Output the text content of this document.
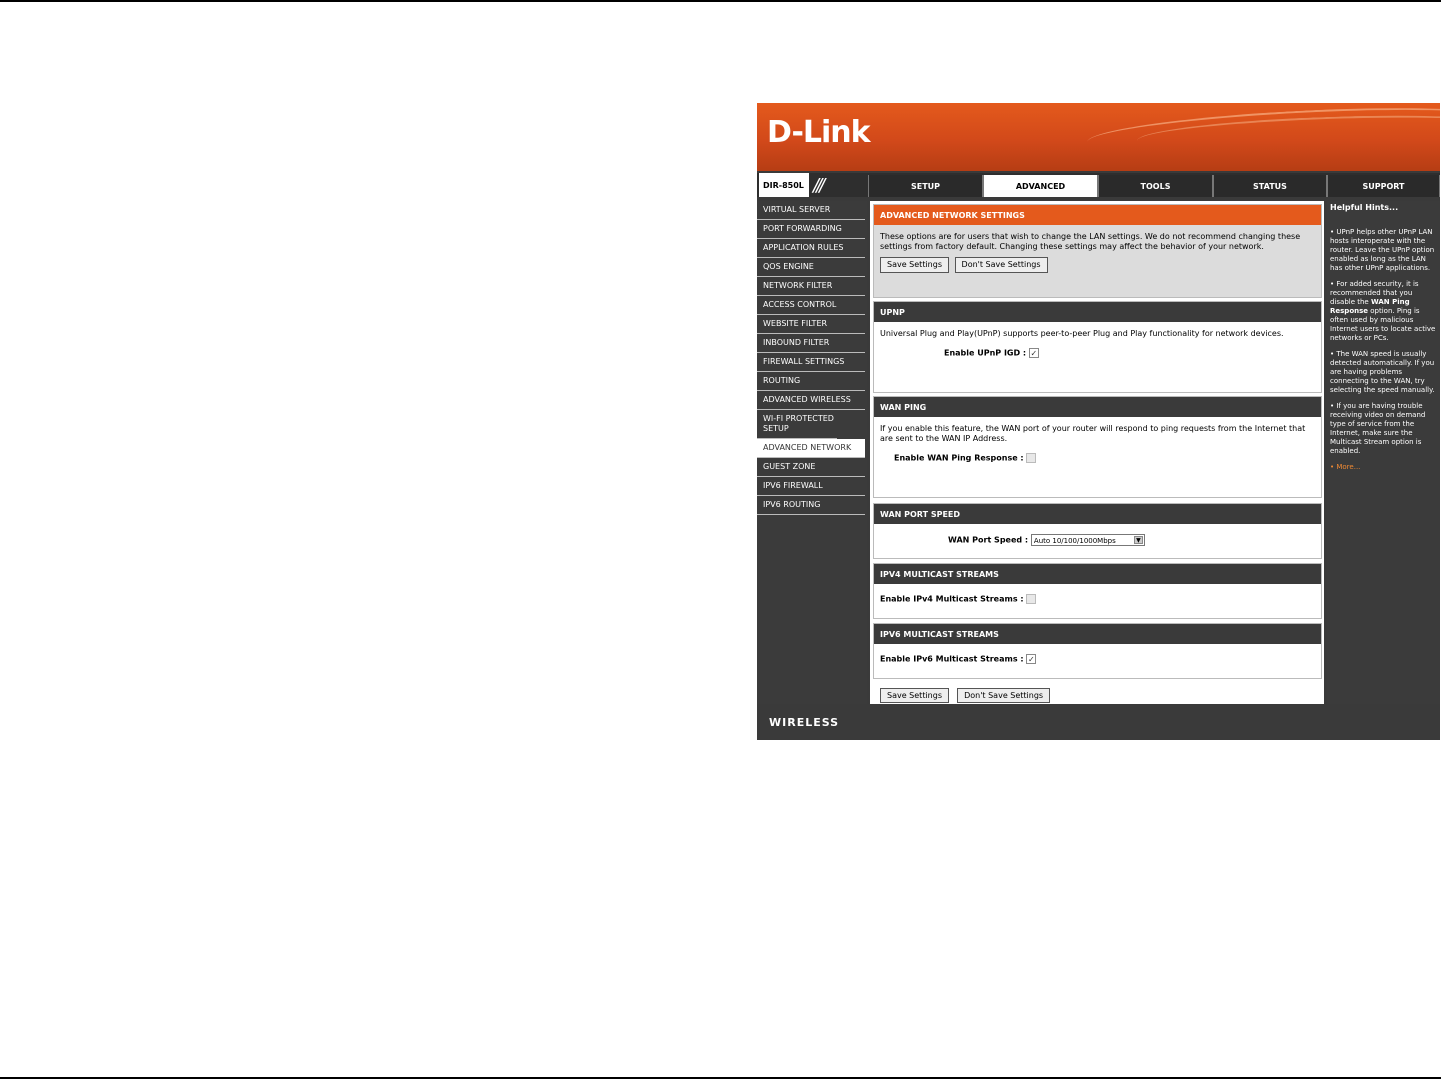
D-Link
DIR-850L ///	SETUP	ADVANCED	TOOLS	STATUS	SUPPORT
VIRTUAL SERVER
PORT FORWARDING
APPLICATION RULES
QOS ENGINE
NETWORK FILTER
ACCESS CONTROL
WEBSITE FILTER
INBOUND FILTER
FIREWALL SETTINGS
ROUTING
ADVANCED WIRELESS
WI-FI PROTECTED SETUP
ADVANCED NETWORK
GUEST ZONE
IPV6 FIREWALL
IPV6 ROUTING
ADVANCED NETWORK SETTINGS
These options are for users that wish to change the LAN settings. We do not recommend changing these settings from factory default. Changing these settings may affect the behavior of your network.
Save Settings Don't Save Settings
UPNP
Universal Plug and Play(UPnP) supports peer-to-peer Plug and Play functionality for network devices.
Enable UPnP IGD : ✓
WAN PING
If you enable this feature, the WAN port of your router will respond to ping requests from the Internet that are sent to the WAN IP Address.
Enable WAN Ping Response :
WAN PORT SPEED
WAN Port Speed : Auto 10/100/1000Mbps	▼
IPV4 MULTICAST STREAMS
Enable IPv4 Multicast Streams :
IPV6 MULTICAST STREAMS
Enable IPv6 Multicast Streams : ✓
Save Settings	Don't Save Settings
Helpful Hints...

• UPnP helps other UPnP LAN hosts interoperate with the router. Leave the UPnP option enabled as long as the LAN has other UPnP applications.

• For added security, it is recommended that you disable the WAN Ping Response option. Ping is often used by malicious Internet users to locate active networks or PCs.

• The WAN speed is usually detected automatically. If you are having problems connecting to the WAN, try selecting the speed manually.

• If you are having trouble receiving video on demand type of service from the Internet, make sure the Multicast Stream option is enabled.

• More...

WIRELESS
